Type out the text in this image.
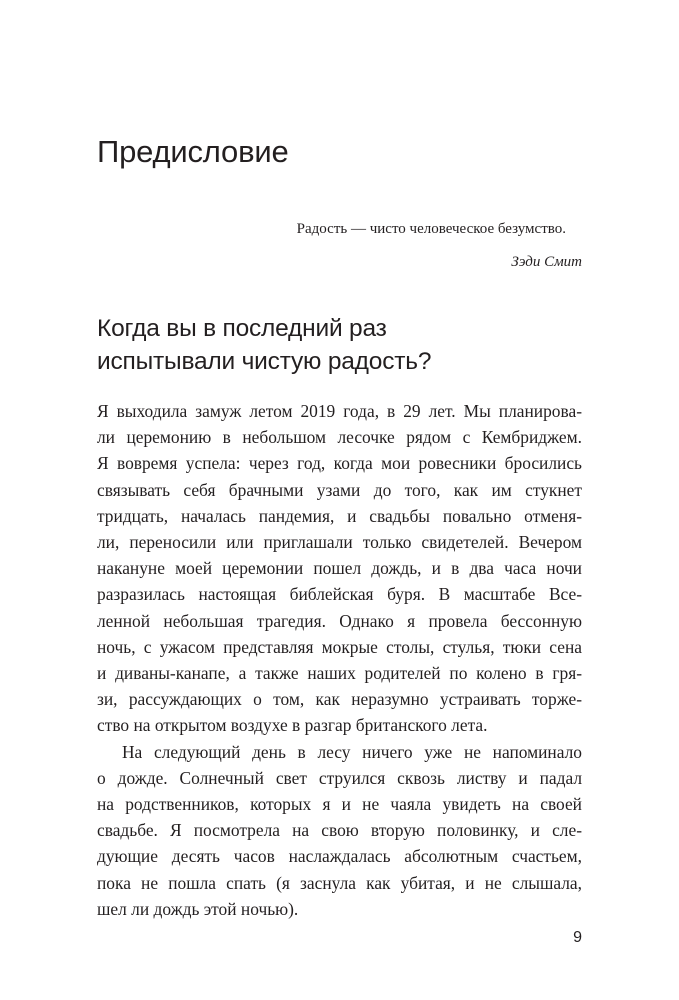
Предисловие

Радость — чисто человеческое безумство.

Зэди Смит

Когда вы в последний раз
испытывали чистую радость?
Я выходила замуж летом 2019 года, в 29 лет. Мы планирова-
ли церемонию в небольшом лесочке рядом с Кембриджем.
Я вовремя успела: через год, когда мои ровесники бросились
связывать себя брачными узами до того, как им стукнет
тридцать, началась пандемия, и свадьбы повально отменя-
ли, переносили или приглашали только свидетелей. Вечером
накануне моей церемонии пошел дождь, и в два часа ночи
разразилась настоящая библейская буря. В масштабе Все-
ленной небольшая трагедия. Однако я провела бессонную
ночь, с ужасом представляя мокрые столы, стулья, тюки сена
и диваны-канапе, а также наших родителей по колено в гря-
зи, рассуждающих о том, как неразумно устраивать торже-
ство на открытом воздухе в разгар британского лета.
На следующий день в лесу ничего уже не напоминало
о дожде. Солнечный свет струился сквозь листву и падал
на родственников, которых я и не чаяла увидеть на своей
свадьбе. Я посмотрела на свою вторую половинку, и сле-
дующие десять часов наслаждалась абсолютным счастьем,
пока не пошла спать (я заснула как убитая, и не слышала,
шел ли дождь этой ночью).
9
